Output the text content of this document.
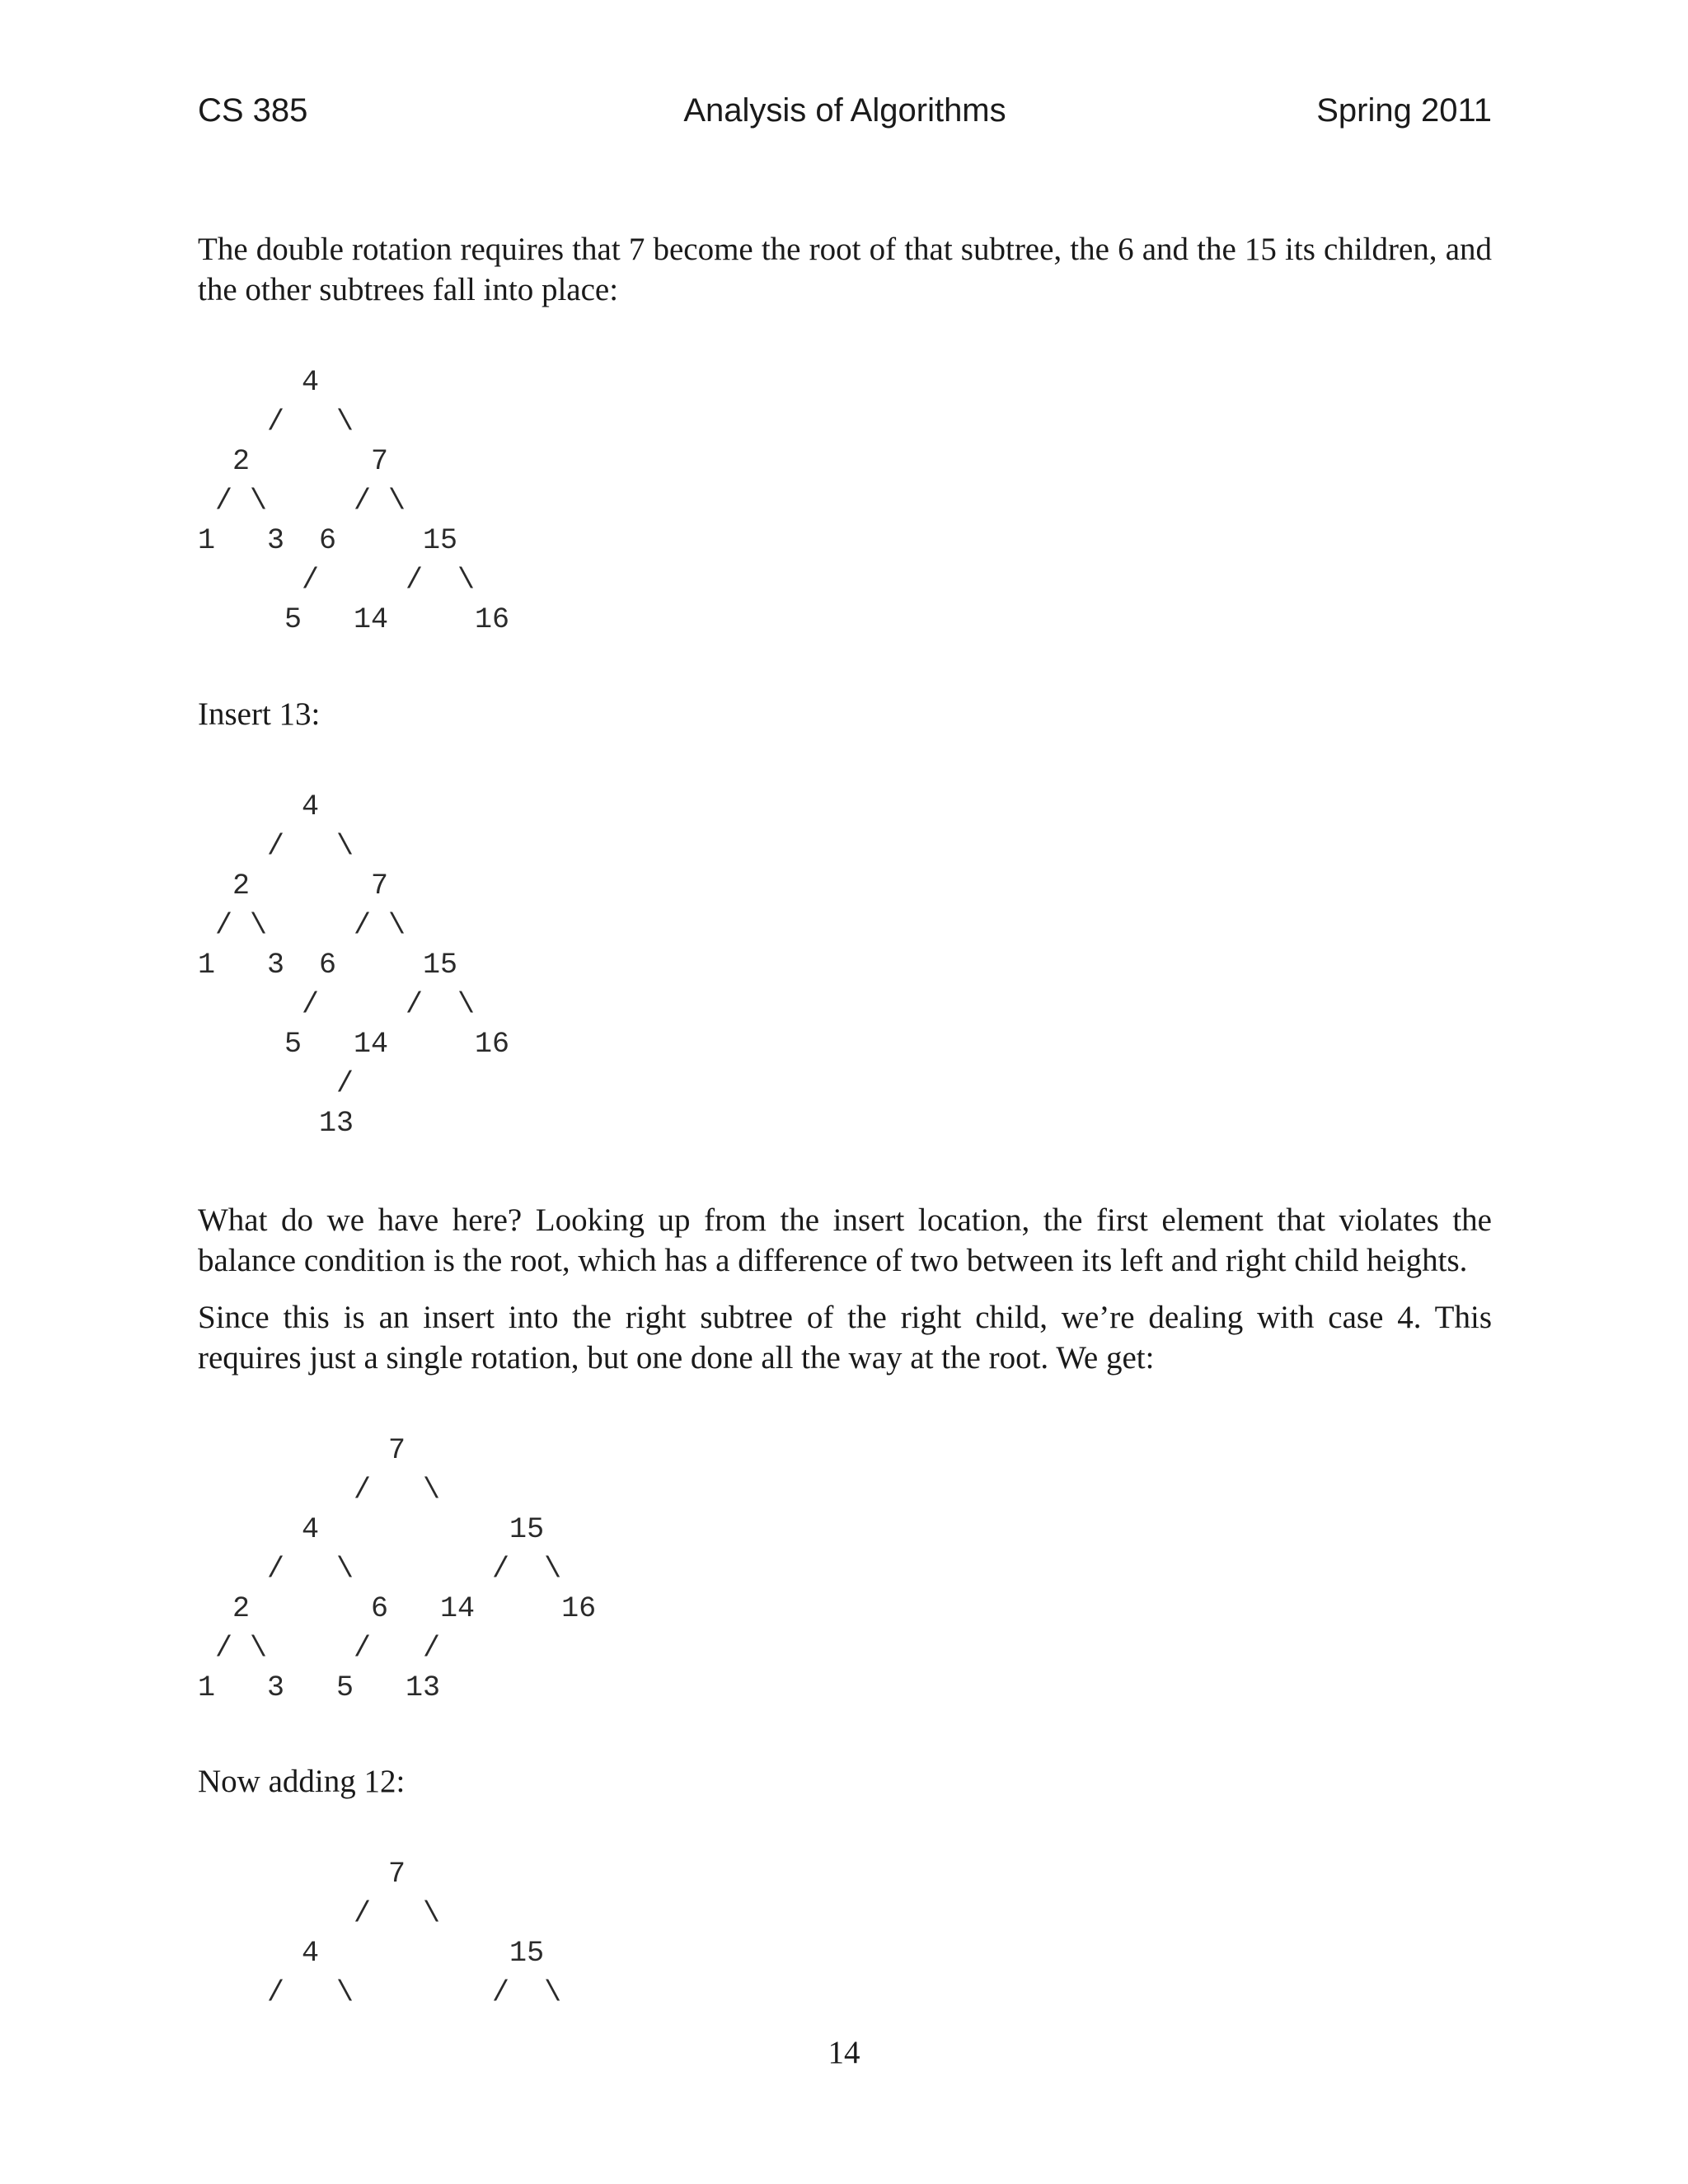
CS 385	Analysis of Algorithms	Spring 2011

The double rotation requires that 7 become the root of that subtree, the 6 and the 15 its children, and the other subtrees fall into place:

4
/   \
2       7
/ \     / \
1   3  6     15
/     /  \
5   14     16

Insert 13:

4
/   \
2       7
/ \     / \
1   3  6     15
/     /  \
5   14     16
/
13

What do we have here? Looking up from the insert location, the first element that violates the balance condition is the root, which has a difference of two between its left and right child heights.

Since this is an insert into the right subtree of the right child, we’re dealing with case 4. This requires just a single rotation, but one done all the way at the root. We get:

7
/   \
4           15
/   \        /  \
2       6   14     16
/ \     /   /
1   3   5   13

Now adding 12:

7
/   \
4           15
/   \        /  \
14
